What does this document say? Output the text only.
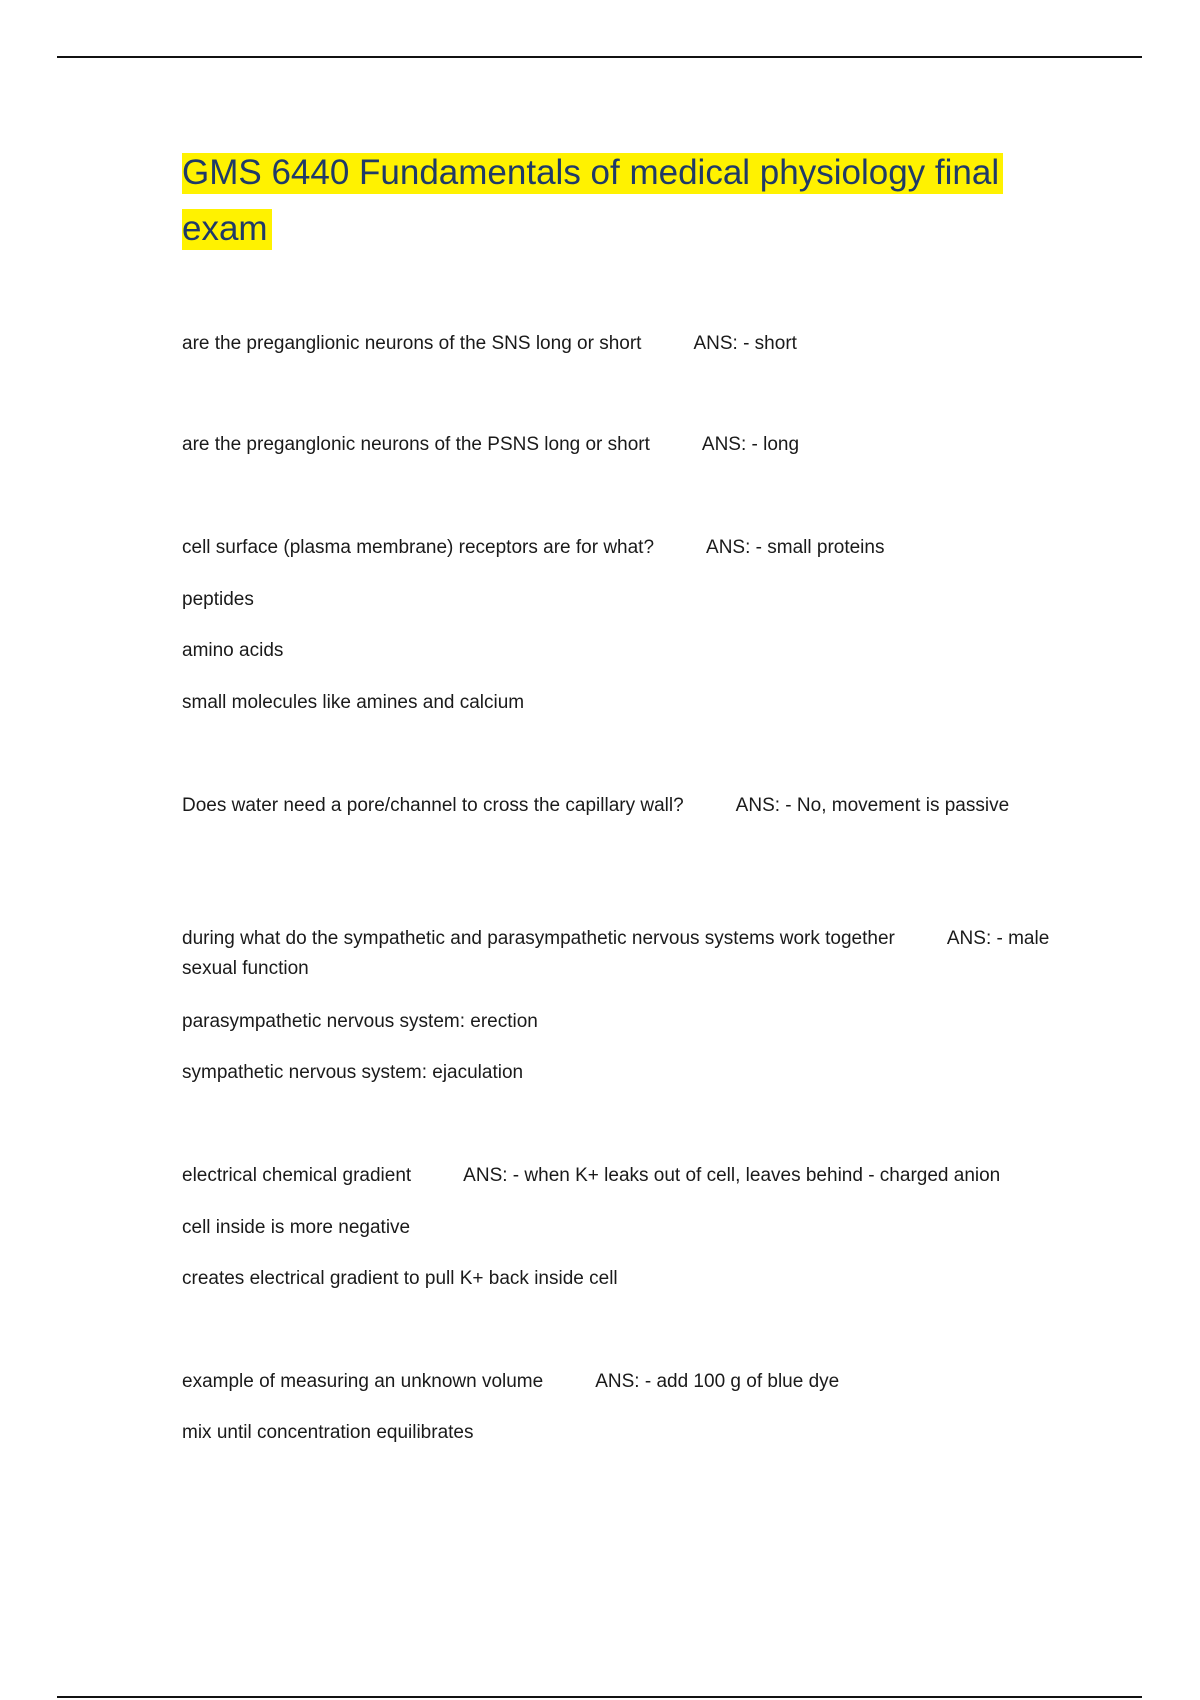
GMS 6440 Fundamentals of medical physiology final exam

are the preganglionic neurons of the SNS long or short	ANS: - short

are the preganglonic neurons of the PSNS long or short	ANS: - long

cell surface (plasma membrane) receptors are for what?	ANS: - small proteins

peptides

amino acids

small molecules like amines and calcium

Does water need a pore/channel to cross the capillary wall?	ANS: - No, movement is passive

during what do the sympathetic and parasympathetic nervous systems work together	ANS: - male sexual function

parasympathetic nervous system: erection

sympathetic nervous system: ejaculation

electrical chemical gradient	ANS: - when K+ leaks out of cell, leaves behind - charged anion

cell inside is more negative

creates electrical gradient to pull K+ back inside cell

example of measuring an unknown volume	ANS: - add 100 g of blue dye

mix until concentration equilibrates
